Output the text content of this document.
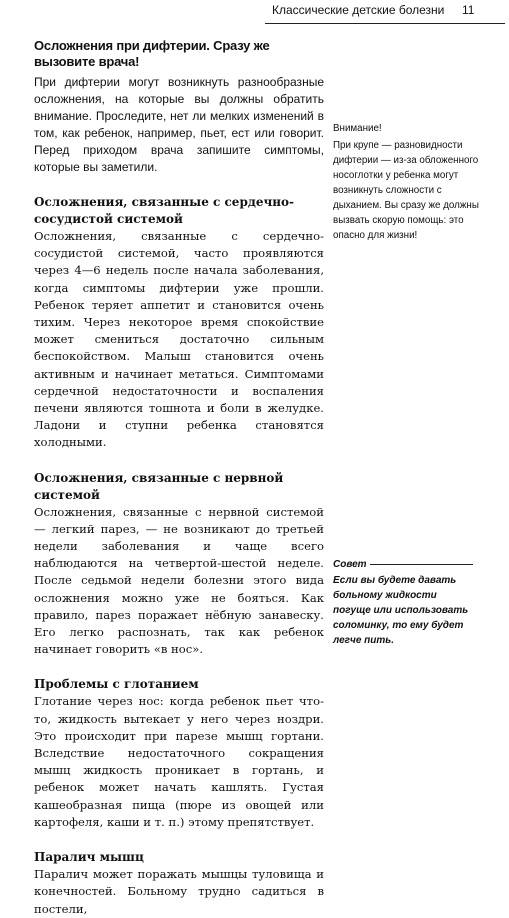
Классические детские болезни 11
Осложнения при дифтерии. Сразу же вызовите врача!

При дифтерии могут возникнуть разнообразные осложнения, на которые вы должны обратить внимание. Проследите, нет ли мелких изменений в том, как ребенок, например, пьет, ест или говорит. Перед приходом врача запишите симптомы, которые вы заметили.

Осложнения, связанные с сердечно-сосудистой системой

Осложнения, связанные с сердечно-сосудистой системой, часто проявляются через 4—6 недель после начала заболевания, когда симптомы дифтерии уже прошли. Ребенок теряет аппетит и становится очень тихим. Через некоторое время спокойствие может смениться достаточно сильным беспокойством. Малыш становится очень активным и начинает метаться. Симптомами сердечной недостаточности и воспаления печени являются тошнота и боли в желудке. Ладони и ступни ребенка становятся холодными.

Осложнения, связанные с нервной системой

Осложнения, связанные с нервной системой — легкий парез, — не возникают до третьей недели заболевания и чаще всего наблюдаются на четвертой-шестой неделе. После седьмой недели болезни этого вида осложнения можно уже не бояться. Как правило, парез поражает нёбную занавеску. Его легко распознать, так как ребенок начинает говорить «в нос».

Проблемы с глотанием

Глотание через нос: когда ребенок пьет что-то, жидкость вытекает у него через ноздри. Это происходит при парезе мышц гортани. Вследствие недостаточного сокращения мышц жидкость проникает в гортань, и ребенок может начать кашлять. Густая кашеобразная пища (пюре из овощей или картофеля, каши и т. п.) этому препятствует.

Паралич мышц

Паралич может поражать мышцы туловища и конечностей. Больному трудно садиться в постели,

Внимание!

При крупе — разновидности дифтерии — из-за обложенного носоглотки у ребенка могут возникнуть сложности с дыханием. Вы сразу же должны вызвать скорую помощь: это опасно для жизни!

Совет

Если вы будете давать больному жидкости погуще или использовать соломинку, то ему будет легче пить.
